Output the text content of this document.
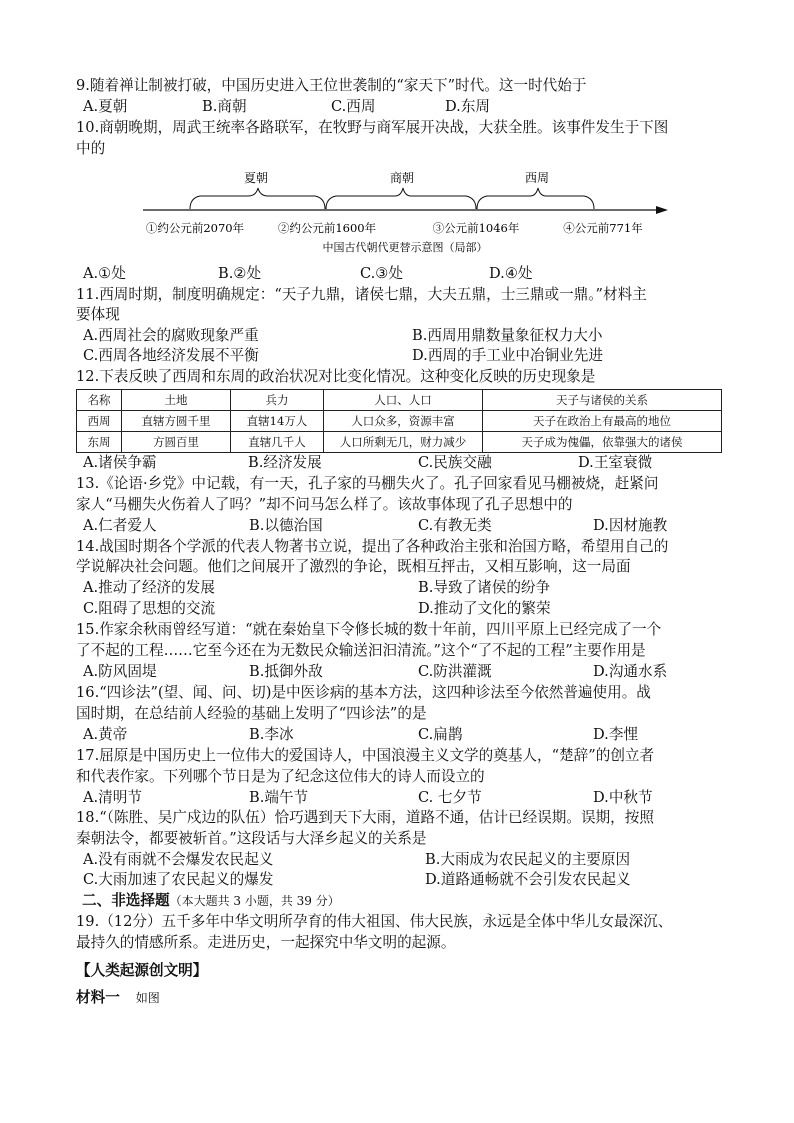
9.随着禅让制被打破，中国历史进入王位世袭制的“家天下”时代。这一时代始于
A.夏朝	B.商朝	C.西周	D.东周
10.商朝晚期，周武王统率各路联军，在牧野与商军展开决战，大获全胜。该事件发生于下图
中的
夏朝	商朝	西周
①约公元前2070年	②约公元前1600年	③公元前1046年	④公元前771年
中国古代朝代更替示意图（局部）
A.①处	B.②处	C.③处	D.④处
11.西周时期，制度明确规定：“天子九鼎，诸侯七鼎，大夫五鼎，士三鼎或一鼎。”材料主
要体现
A.西周社会的腐败现象严重	B.西周用鼎数量象征权力大小
C.西周各地经济发展不平衡	D.西周的手工业中冶铜业先进
12.下表反映了西周和东周的政治状况对比变化情况。这种变化反映的历史现象是
名称	土地	兵力	人口、人口	天子与诸侯的关系
西周	直辖方圆千里	直辖14万人	人口众多，资源丰富	天子在政治上有最高的地位
东周	方圆百里	直辖几千人	人口所剩无几，财力减少	天子成为傀儡，依靠强大的诸侯
A.诸侯争霸	B.经济发展	C.民族交融	D.王室衰微
13.《论语·乡党》中记载，有一天，孔子家的马棚失火了。孔子回家看见马棚被烧，赶紧问
家人“马棚失火伤着人了吗？”却不问马怎么样了。该故事体现了孔子思想中的
A.仁者爱人	B.以德治国	C.有教无类	D.因材施教
14.战国时期各个学派的代表人物著书立说，提出了各种政治主张和治国方略，希望用自己的
学说解决社会问题。他们之间展开了激烈的争论，既相互抨击，又相互影响，这一局面
A.推动了经济的发展	B.导致了诸侯的纷争
C.阻碍了思想的交流	D.推动了文化的繁荣
15.作家余秋雨曾经写道：“就在秦始皇下令修长城的数十年前，四川平原上已经完成了一个
了不起的工程……它至今还在为无数民众输送汩汩清流。”这个“了不起的工程”主要作用是
A.防风固堤	B.抵御外敌	C.防洪灌溉	D.沟通水系
16.“四诊法”(望、闻、问、切)是中医诊病的基本方法，这四种诊法至今依然普遍使用。战
国时期，在总结前人经验的基础上发明了“四诊法”的是
A.黄帝	B.李冰	C.扁鹊	D.李悝
17.屈原是中国历史上一位伟大的爱国诗人，中国浪漫主义文学的奠基人，“楚辞”的创立者
和代表作家。下列哪个节日是为了纪念这位伟大的诗人而设立的
A.清明节	B.端午节	C. 七夕节	D.中秋节
18.“（陈胜、吴广戍边的队伍）恰巧遇到天下大雨，道路不通，估计已经误期。误期，按照
秦朝法令，都要被斩首。”这段话与大泽乡起义的关系是
A.没有雨就不会爆发农民起义	B.大雨成为农民起义的主要原因
C.大雨加速了农民起义的爆发	D.道路通畅就不会引发农民起义
二、非选择题（本大题共 3 小题，共 39 分）
19.（12分）五千多年中华文明所孕育的伟大祖国、伟大民族，永远是全体中华儿女最深沉、
最持久的情感所系。走进历史，一起探究中华文明的起源。
【人类起源创文明】
材料一 如图
